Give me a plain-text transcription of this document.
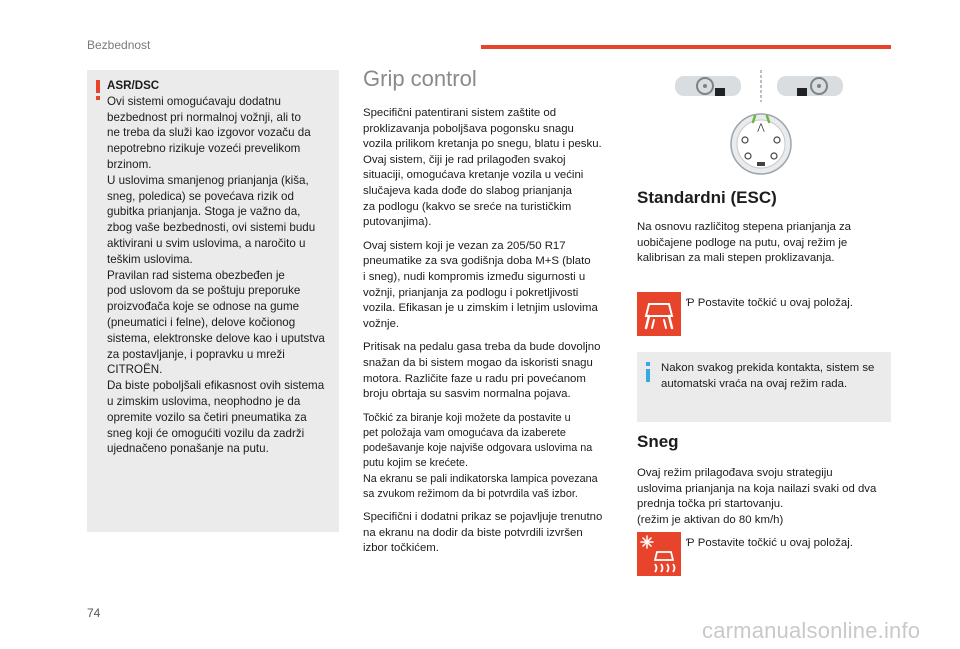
Bezbednost
ASR/DSC
Ovi sistemi omogućavaju dodatnu
bezbednost pri normalnoj vožnji, ali to
ne treba da služi kao izgovor vozaču da
nepotrebno rizikuje vozeći prevelikom
brzinom.
U uslovima smanjenog prianjanja (kiša,
sneg, poledica) se povećava rizik od
gubitka prianjanja. Stoga je važno da,
zbog vaše bezbednosti, ovi sistemi budu
aktivirani u svim uslovima, a naročito u
teškim uslovima.
Pravilan rad sistema obezbeđen je
pod uslovom da se poštuju preporuke
proizvođača koje se odnose na gume
(pneumatici i felne), delove kočionog
sistema, elektronske delove kao i uputstva
za postavljanje, i popravku u mreži
CITROËN.
Da biste poboljšali efikasnost ovih sistema
u zimskim uslovima, neophodno je da
opremite vozilo sa četiri pneumatika za
sneg koji će omogućiti vozilu da zadrži
ujednačeno ponašanje na putu.
Grip control

Specifični patentirani sistem zaštite od
proklizavanja poboljšava pogonsku snagu
vozila prilikom kretanja po snegu, blatu i pesku.
Ovaj sistem, čiji je rad prilagođen svakoj
situaciji, omogućava kretanje vozila u većini
slučajeva kada dođe do slabog prianjanja
za podlogu (kakvo se sreće na turističkim
putovanjima).

Ovaj sistem koji je vezan za 205/50 R17
pneumatike za sva godišnja doba M+S (blato
i sneg), nudi kompromis između sigurnosti u
vožnji, prianjanja za podlogu i pokretljivosti
vozila. Efikasan je u zimskim i letnjim uslovima
vožnje.

Pritisak na pedalu gasa treba da bude dovoljno
snažan da bi sistem mogao da iskoristi snagu
motora. Različite faze u radu pri povećanom
broju obrtaja su sasvim normalna pojava.

Točkić za biranje koji možete da postavite u
pet položaja vam omogućava da izaberete
podešavanje koje najviše odgovara uslovima na
putu kojim se krećete.
Na ekranu se pali indikatorska lampica povezana
sa zvukom režimom da bi potvrdila vaš izbor.

Specifični i dodatni prikaz se pojavljuje trenutno
na ekranu na dodir da biste potvrdili izvršen
izbor točkićem.

⋀
Standardni (ESC)

Na osnovu različitog stepena prianjanja za
uobičajene podloge na putu, ovaj režim je
kalibrisan za mali stepen proklizavanja.

Ƥ Postavite točkić u ovaj položaj.
Nakon svakog prekida kontakta, sistem se
automatski vraća na ovaj režim rada.
Sneg

Ovaj režim prilagođava svoju strategiju
uslovima prianjanja na koja nailazi svaki od dva
prednja točka pri startovanju.
(režim je aktivan do 80 km/h)

Ƥ Postavite točkić u ovaj položaj.
74
carmanualsonline.info
